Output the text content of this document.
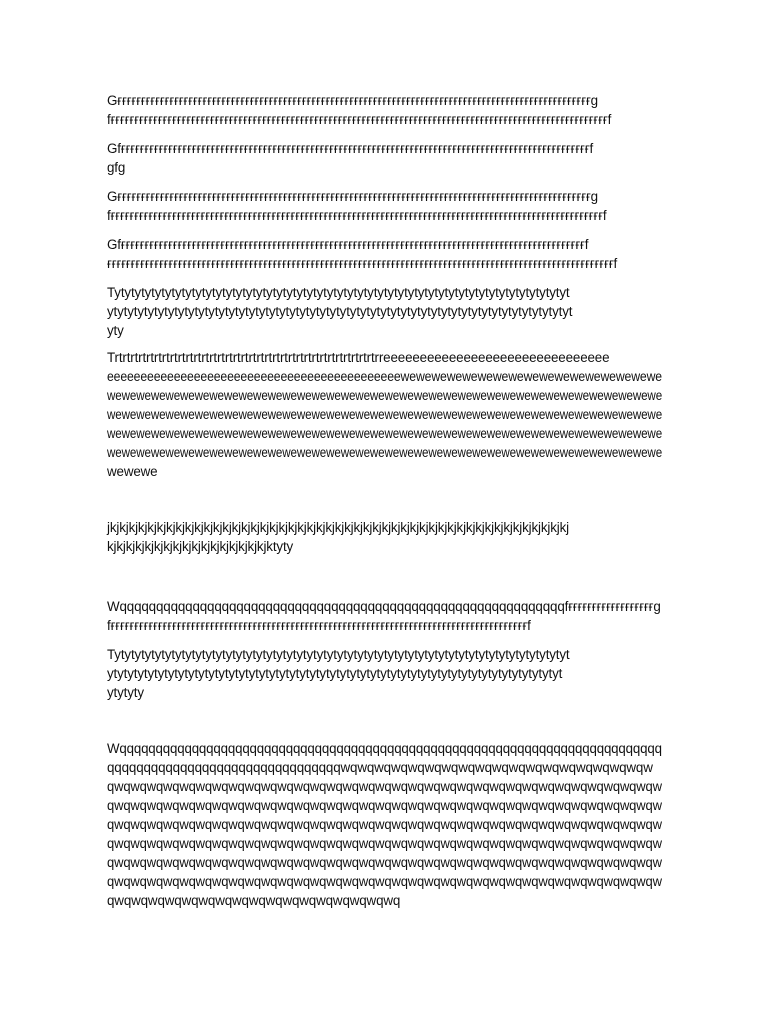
Gғғғғғғғғғғғғғғғғғғғғғғғғғғғғғғғғғғғғғғғғғғғғғғғғғғғғғғғғғғғғғғғғғғғғғғғғғғғғғғғғғғғғғғғғғғғғғғғғғғғғg

fғғғғғғғғғғғғғғғғғғғғғғғғғғғғғғғғғғғғғғғғғғғғғғғғғғғғғғғғғғғғғғғғғғғғғғғғғғғғғғғғғғғғғғғғғғғғғғғғғғғғғғғғғf

Gfғғғғғғғғғғғғғғғғғғғғғғғғғғғғғғғғғғғғғғғғғғғғғғғғғғғғғғғғғғғғғғғғғғғғғғғғғғғғғғғғғғғғғғғғғғғғғғғғғғғf

gfg

Gғғғғғғғғғғғғғғғғғғғғғғғғғғғғғғғғғғғғғғғғғғғғғғғғғғғғғғғғғғғғғғғғғғғғғғғғғғғғғғғғғғғғғғғғғғғғғғғғғғғғg

fғғғғғғғғғғғғғғғғғғғғғғғғғғғғғғғғғғғғғғғғғғғғғғғғғғғғғғғғғғғғғғғғғғғғғғғғғғғғғғғғғғғғғғғғғғғғғғғғғғғғғғғғf

Gfғғғғғғғғғғғғғғғғғғғғғғғғғғғғғғғғғғғғғғғғғғғғғғғғғғғғғғғғғғғғғғғғғғғғғғғғғғғғғғғғғғғғғғғғғғғғғғғғғғf

ғғғғғғғғғғғғғғғғғғғғғғғғғғғғғғғғғғғғғғғғғғғғғғғғғғғғғғғғғғғғғғғғғғғғғғғғғғғғғғғғғғғғғғғғғғғғғғғғғғғғғғғғғғғf

Tytytytytytytytytytytytytytytytytytytytytytytytytytytytytytytytytytytytytytytytytytytytytyt

ytytytytytytytytytytytytytytytytytytytytytytytytytytytytytytytytytytytytytytytytytytytytytyt

yty

Trtrtrtrtrtrtrtrtrtrtrtrtrtrtrtrtrtrtrtrtrtrtrtrtrtrtrtrtrtrtrtrtrtrreeeeeeeeeeeeeeeeeeeeeeeeeeeeeee

eeeeeeeeeeeeeeeeeeeeeeeeeeeeeeeeeeeeeeeeeeeewewewewewewewewewewewewewewewewewe

wewewewewewewewewewewewewewewewewewewewewewewewewewewewewewewewewewewewewewe

wewewewewewewewewewewewewewewewewewewewewewewewewewewewewewewewewewewewewewe

wewewewewewewewewewewewewewewewewewewewewewewewewewewewewewewewewewewewewewe

wewewewewewewewewewewewewewewewewewewewewewewewewewewewewewewewewewewewewewe

wewewe

jkjkjkjkjkjkjkjkjkjkjkjkjkjkjkjkjkjkjkjkjkjkjkjkjkjkjkjkjkjkjkjkjkjkjkjkjkjkjkjkjkjkjkjkjkjkjkjkjkj

kjkjkjkjkjkjkjkjkjkjkjkjkjkjkjkjkjktyty

Wqqqqqqqqqqqqqqqqqqqqqqqqqqqqqqqqqqqqqqqqqqqqqqqqqqqqqqqqqqqqqfғғғғғғғғғғғғғғғғғғg

fғғғғғғғғғғғғғғғғғғғғғғғғғғғғғғғғғғғғғғғғғғғғғғғғғғғғғғғғғғғғғғғғғғғғғғғғғғғғғғғғғғғғғғғғf

Tytytytytytytytytytytytytytytytytytytytytytytytytytytytytytytytytytytytytytytytytytytytytyt

ytytytytytytytytytytytytytytytytytytytytytytytytytytytytytytytytytytytytytytytytytytytytyt

ytytyty

Wqqqqqqqqqqqqqqqqqqqqqqqqqqqqqqqqqqqqqqqqqqqqqqqqqqqqqqqqqqqqqqqqqqqqqqqqqqq

qqqqqqqqqqqqqqqqqqqqqqqqqqqqqqqqwqwqwqwqwqwqwqwqwqwqwqwqwqwqwqwqwqwqw

qwqwqwqwqwqwqwqwqwqwqwqwqwqwqwqwqwqwqwqwqwqwqwqwqwqwqwqwqwqwqwqwqwqw

qwqwqwqwqwqwqwqwqwqwqwqwqwqwqwqwqwqwqwqwqwqwqwqwqwqwqwqwqwqwqwqwqwqw

qwqwqwqwqwqwqwqwqwqwqwqwqwqwqwqwqwqwqwqwqwqwqwqwqwqwqwqwqwqwqwqwqwqw

qwqwqwqwqwqwqwqwqwqwqwqwqwqwqwqwqwqwqwqwqwqwqwqwqwqwqwqwqwqwqwqwqwqw

qwqwqwqwqwqwqwqwqwqwqwqwqwqwqwqwqwqwqwqwqwqwqwqwqwqwqwqwqwqwqwqwqwqw

qwqwqwqwqwqwqwqwqwqwqwqwqwqwqwqwqwqwqwqwqwqwqwqwqwqwqwqwqwqwqwqwqwqw

qwqwqwqwqwqwqwqwqwqwqwqwqwqwqwqwqwq
